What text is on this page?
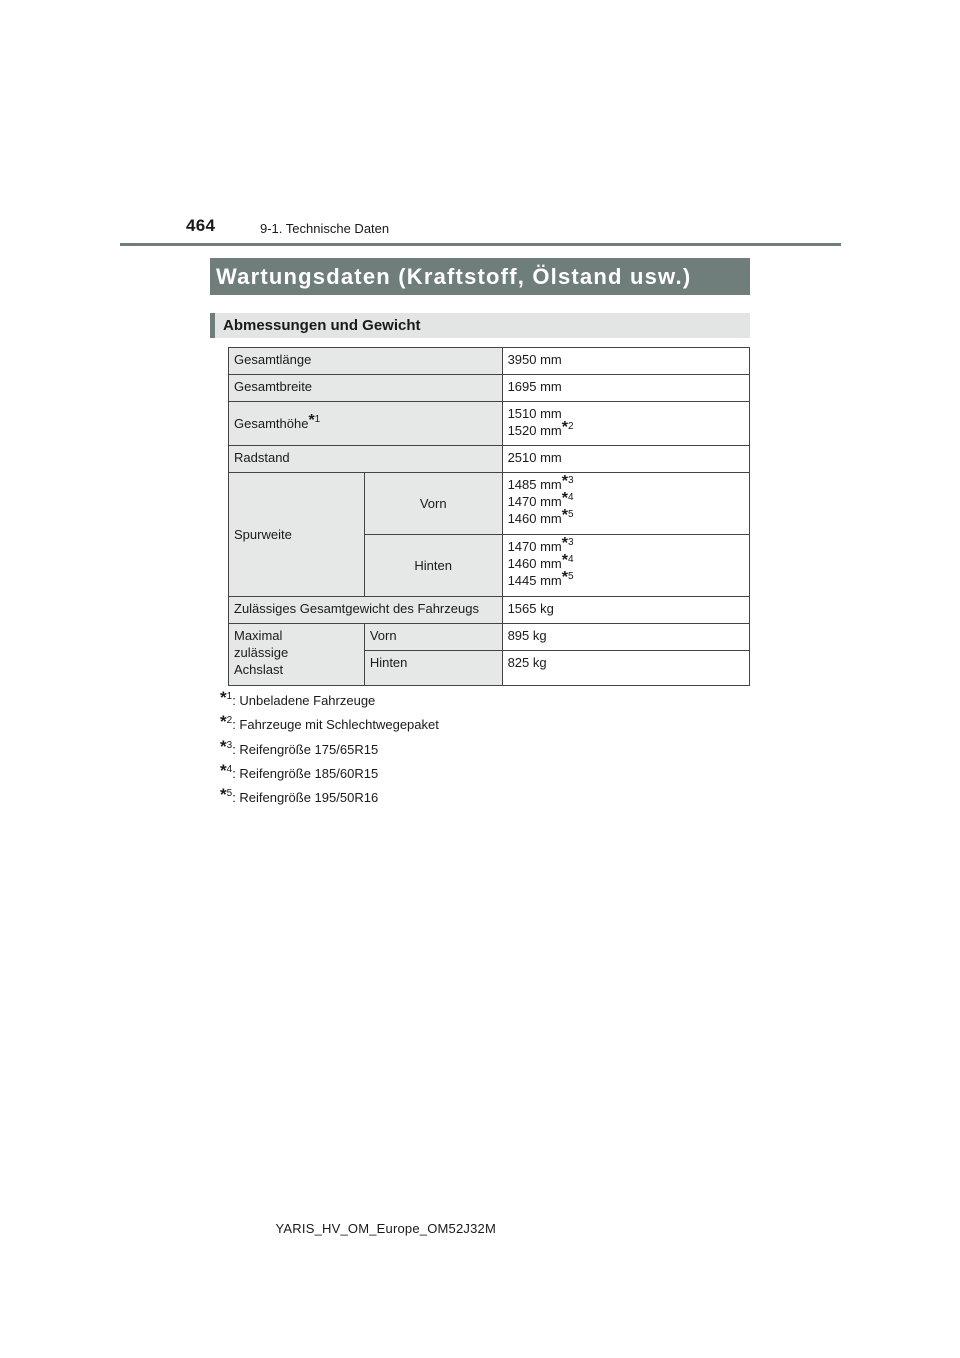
464	9-1. Technische Daten
Wartungsdaten (Kraftstoff, Ölstand usw.)
Abmessungen und Gewicht
Gesamtlänge		3950 mm
Gesamtbreite		1695 mm
Gesamthöhe*$^1$		1510 mm
1520 mm*$^2$

Radstand		2510 mm
Spurweite	Vorn	1485 mm*$^3$
1470 mm*$^4$
1460 mm*$^5$

	Hinten	1470 mm*$^3$
1460 mm*$^4$
1445 mm*$^5$

Zulässiges Gesamtgewicht des Fahrzeugs		1565 kg

Maximal
zulässige
Achslast	Vorn	895 kg
	Hinten	825 kg
*$^1$: Unbeladene Fahrzeuge
*$^2$: Fahrzeuge mit Schlechtwegepaket
*$^3$: Reifengröße 175/65R15
*$^4$: Reifengröße 185/60R15
*$^5$: Reifengröße 195/50R16
YARIS_HV_OM_Europe_OM52J32M
